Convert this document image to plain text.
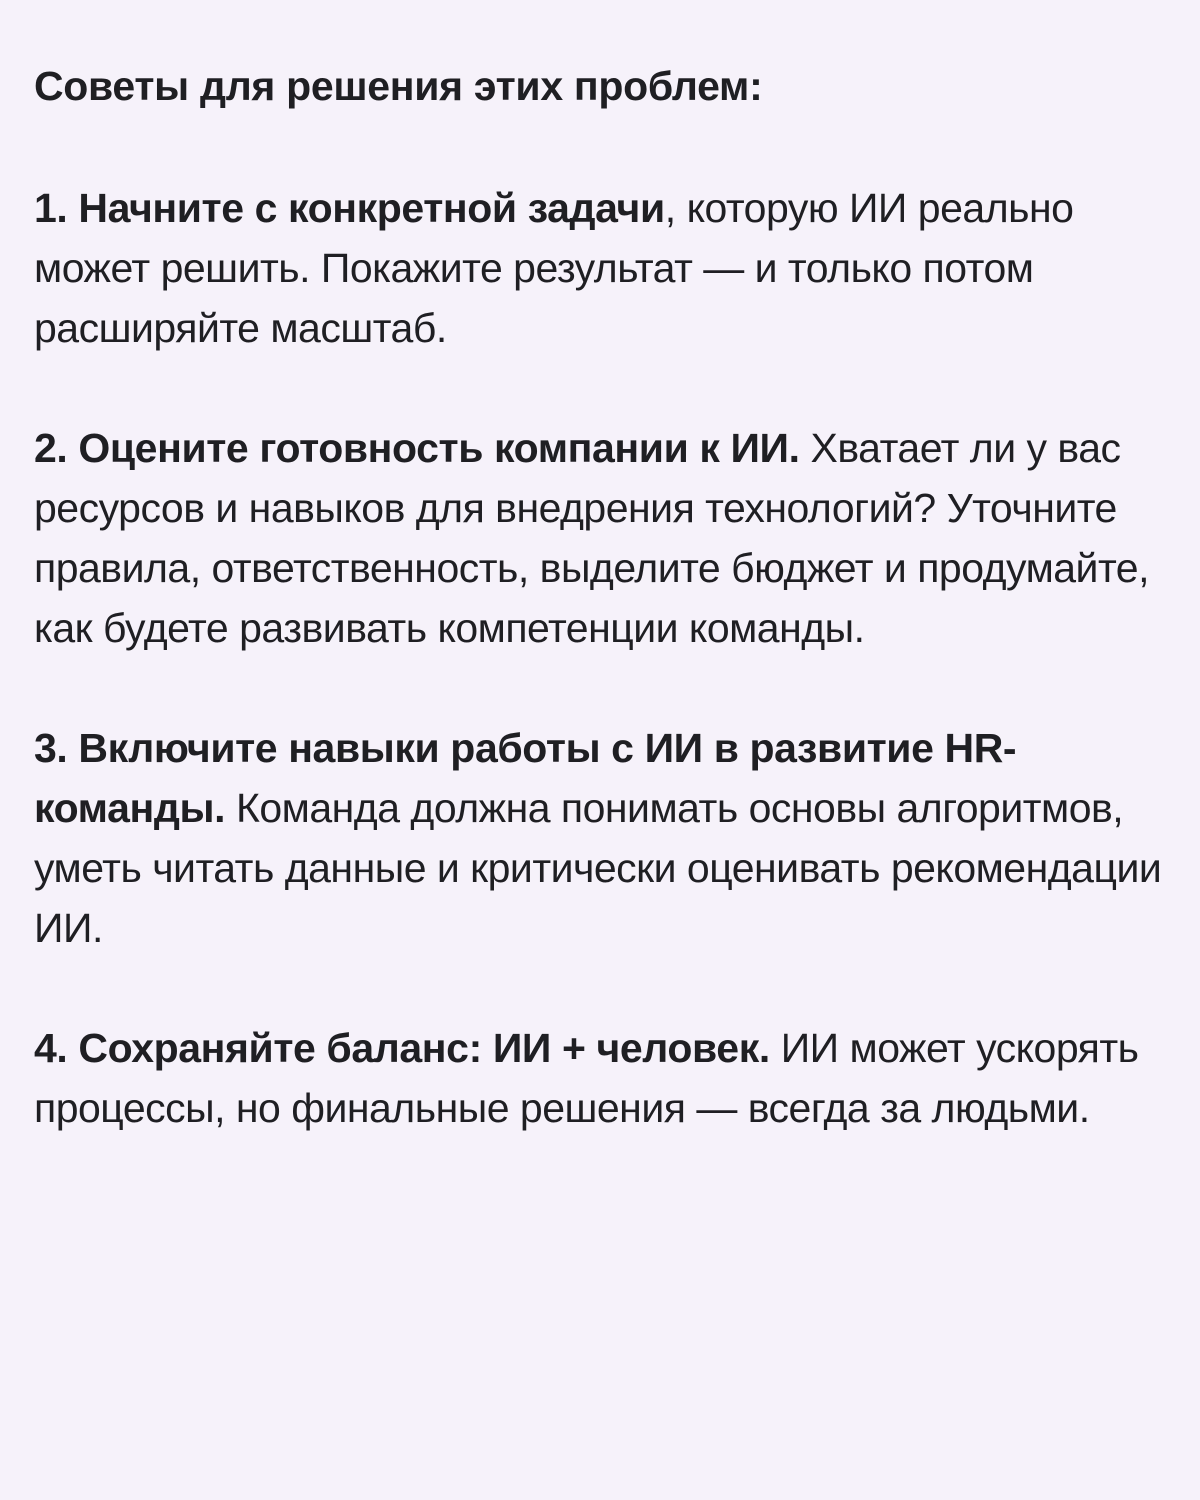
Советы для решения этих проблем:

1. Начните с конкретной задачи, которую ИИ реально может решить. Покажите результат — и только потом расширяйте масштаб.

2. Оцените готовность компании к ИИ. Хватает ли у вас ресурсов и навыков для внедрения технологий? Уточните правила, ответственность, выделите бюджет и продумайте, как будете развивать компетенции команды.

3. Включите навыки работы с ИИ в развитие HR-команды. Команда должна понимать основы алгоритмов, уметь читать данные и критически оценивать рекомендации ИИ.

4. Сохраняйте баланс: ИИ + человек. ИИ может ускорять процессы, но финальные решения — всегда за людьми.
